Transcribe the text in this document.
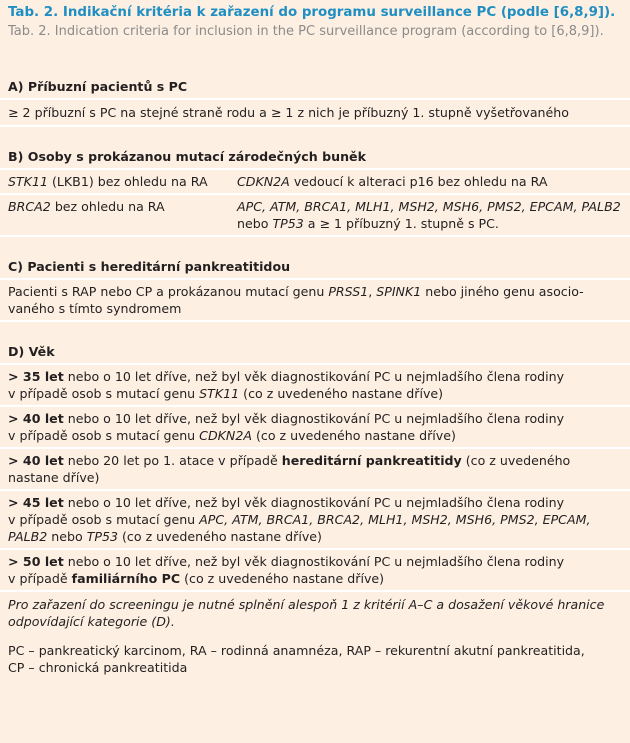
Tab. 2. Indikační kritéria k zařazení do programu surveillance PC (podle [6,8,9]).
Tab. 2. Indication criteria for inclusion in the PC surveillance program (according to [6,8,9]).
A) Příbuzní pacientů s PC
≥ 2 příbuzní s PC na stejné straně rodu a ≥ 1 z nich je příbuzný 1. stupně vyšetřovaného
B) Osoby s prokázanou mutací zárodečných buněk
STK11 (LKB1) bez ohledu na RA	CDKN2A vedoucí k alteraci p16 bez ohledu na RA
BRCA2 bez ohledu na RA	APC, ATM, BRCA1, MLH1, MSH2, MSH6, PMS2, EPCAM, PALB2
nebo TP53 a ≥ 1 příbuzný 1. stupně s PC.
C) Pacienti s hereditární pankreatitidou
Pacienti s RAP nebo CP a prokázanou mutací genu PRSS1, SPINK1 nebo jiného genu asocio-
vaného s tímto syndromem
D) Věk
> 35 let nebo o 10 let dříve, než byl věk diagnostikování PC u nejmladšího člena rodiny
v případě osob s mutací genu STK11 (co z uvedeného nastane dříve)
> 40 let nebo o 10 let dříve, než byl věk diagnostikování PC u nejmladšího člena rodiny
v případě osob s mutací genu CDKN2A (co z uvedeného nastane dříve)
> 40 let nebo 20 let po 1. atace v případě hereditární pankreatitidy (co z uvedeného
nastane dříve)
> 45 let nebo o 10 let dříve, než byl věk diagnostikování PC u nejmladšího člena rodiny
v případě osob s mutací genu APC, ATM, BRCA1, BRCA2, MLH1, MSH2, MSH6, PMS2, EPCAM,
PALB2 nebo TP53 (co z uvedeného nastane dříve)
> 50 let nebo o 10 let dříve, než byl věk diagnostikování PC u nejmladšího člena rodiny
v případě familiárního PC (co z uvedeného nastane dříve)
Pro zařazení do screeningu je nutné splnění alespoň 1 z kritérií A–C a dosažení věkové hranice
odpovídající kategorie (D).
PC – pankreatický karcinom, RA – rodinná anamnéza, RAP – rekurentní akutní pankreatitida,
CP – chronická pankreatitida
